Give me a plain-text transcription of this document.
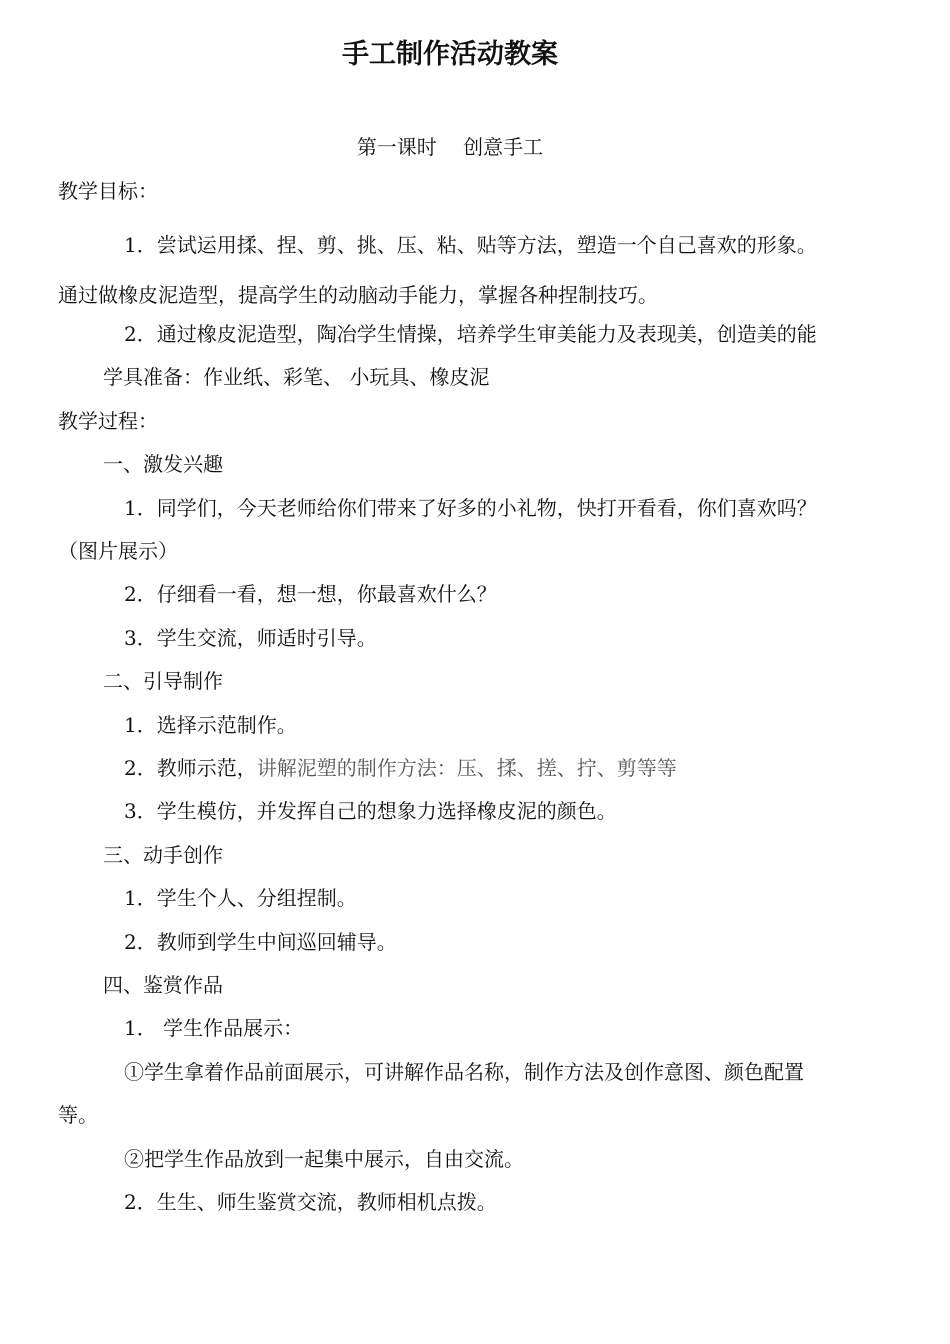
手工制作活动教案
第一课时　 创意手工
教学目标：
1．尝试运用揉、捏、剪、挑、压、粘、贴等方法，塑造一个自己喜欢的形象。
通过做橡皮泥造型，提高学生的动脑动手能力，掌握各种捏制技巧。
2．通过橡皮泥造型，陶冶学生情操，培养学生审美能力及表现美，创造美的能
学具准备：作业纸、彩笔、 小玩具、橡皮泥
教学过程：
一、激发兴趣
1．同学们，今天老师给你们带来了好多的小礼物，快打开看看，你们喜欢吗？
（图片展示）
2．仔细看一看，想一想，你最喜欢什么？
3．学生交流，师适时引导。
二、引导制作
1．选择示范制作。
2．教师示范，讲解泥塑的制作方法：压、揉、搓、拧、剪等等
3．学生模仿，并发挥自己的想象力选择橡皮泥的颜色。
三、动手创作
1．学生个人、分组捏制。
2．教师到学生中间巡回辅导。
四、鉴赏作品
1． 学生作品展示：
①学生拿着作品前面展示，可讲解作品名称，制作方法及创作意图、颜色配置
等。
②把学生作品放到一起集中展示，自由交流。
2．生生、师生鉴赏交流，教师相机点拨。
